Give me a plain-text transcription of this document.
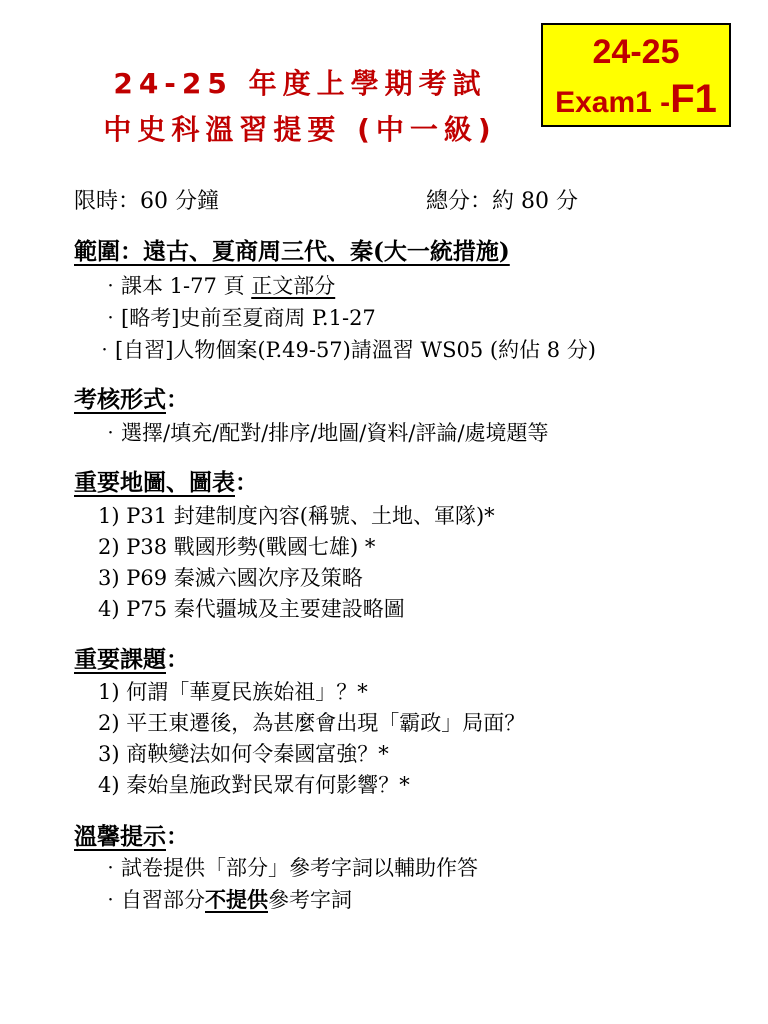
24-25 年度上學期考試
中史科溫習提要 (中一級)
24-25
Exam1 -F1
限時：60 分鐘	總分：約 80 分
範圍：遠古、夏商周三代、秦(大一統措施)
‧課本 1-77 頁 正文部分
‧[略考]史前至夏商周 P.1-27
‧[自習]人物個案(P.49-57)請溫習 WS05 (約佔 8 分)
考核形式：
‧選擇/填充/配對/排序/地圖/資料/評論/處境題等
重要地圖、圖表：
1) P31 封建制度內容(稱號、土地、軍隊)*
2) P38 戰國形勢(戰國七雄) *
3) P69 秦滅六國次序及策略
4) P75 秦代疆城及主要建設略圖
重要課題：
1) 何謂「華夏民族始祖」？*
2) 平王東遷後，為甚麼會出現「霸政」局面？
3) 商鞅變法如何令秦國富強？*
4) 秦始皇施政對民眾有何影響？*
溫馨提示：
‧試卷提供「部分」參考字詞以輔助作答
‧自習部分不提供參考字詞
